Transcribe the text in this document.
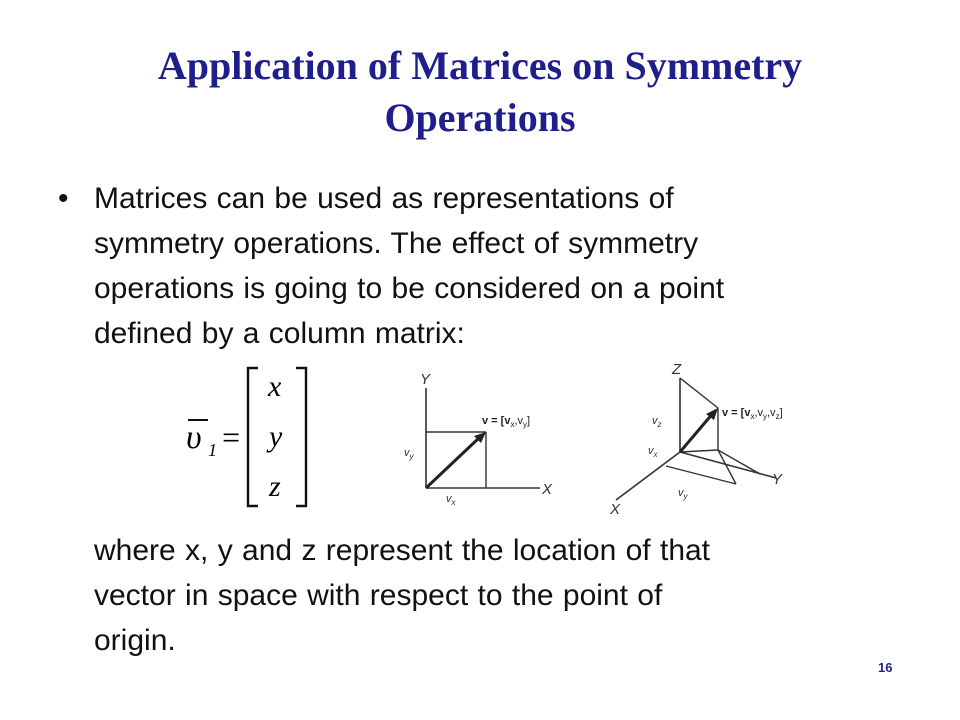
Application of Matrices on Symmetry
Operations
• Matrices can be used as representations of
symmetry operations. The effect of symmetry
operations is going to be considered on a point
defined by a column matrix:
υ 1 =
x
y
z
Y
X
$v = [v_x,v_y]$
$v_y$
$v_x$
Z
Y
X
$v = [v_x,v_y,v_z]$
$v_z$
$v_x$
$v_y$
where x, y and z represent the location of that
vector in space with respect to the point of
origin.
16
